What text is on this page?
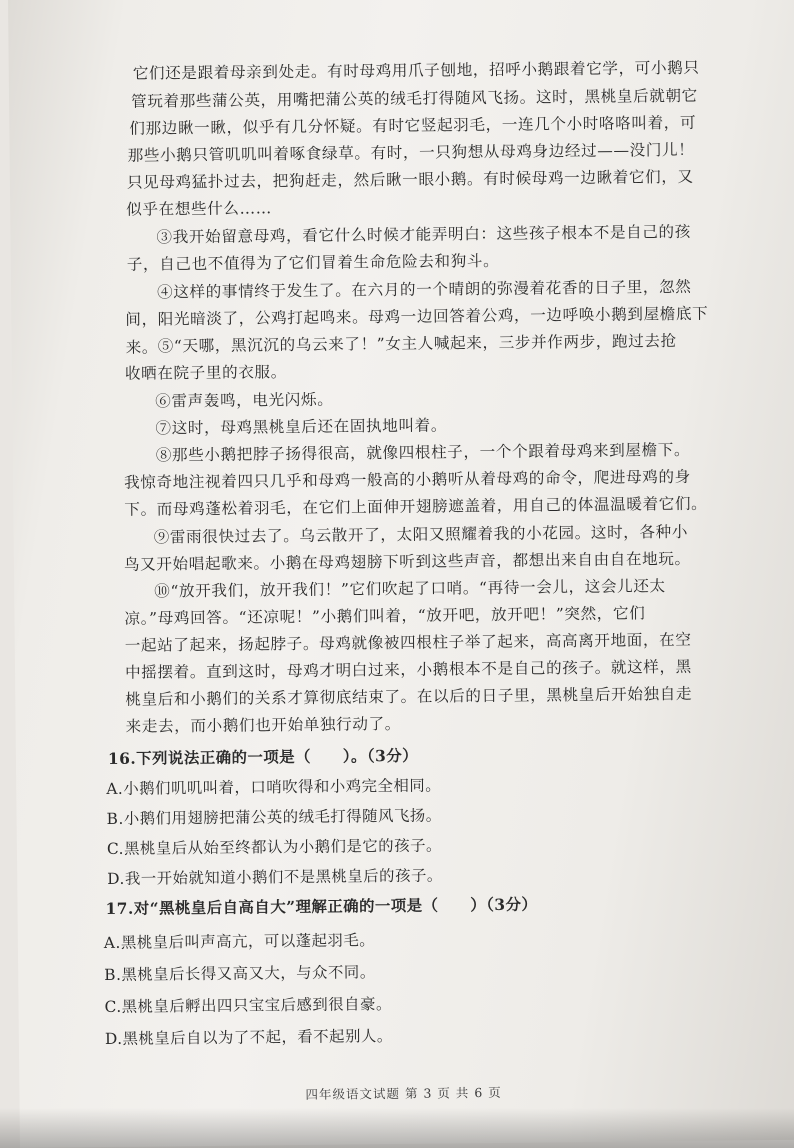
它们还是跟着母亲到处走。有时母鸡用爪子刨地，招呼小鹅跟着它学，可小鹅只

管玩着那些蒲公英，用嘴把蒲公英的绒毛打得随风飞扬。这时，黑桃皇后就朝它

们那边瞅一瞅，似乎有几分怀疑。有时它竖起羽毛，一连几个小时咯咯叫着，可

那些小鹅只管叽叽叫着啄食绿草。有时，一只狗想从母鸡身边经过——没门儿！

只见母鸡猛扑过去，把狗赶走，然后瞅一眼小鹅。有时候母鸡一边瞅着它们，又

似乎在想些什么……

③我开始留意母鸡，看它什么时候才能弄明白：这些孩子根本不是自己的孩

子，自己也不值得为了它们冒着生命危险去和狗斗。

④这样的事情终于发生了。在六月的一个晴朗的弥漫着花香的日子里，忽然

间，阳光暗淡了，公鸡打起鸣来。母鸡一边回答着公鸡，一边呼唤小鹅到屋檐底下来。 ⑤“天哪，黑沉沉的乌云来了！”女主人喊起来，三步并作两步，跑过去抢

收晒在院子里的衣服。

⑥雷声轰鸣，电光闪烁。

⑦这时，母鸡黑桃皇后还在固执地叫着。

⑧那些小鹅把脖子扬得很高，就像四根柱子，一个个跟着母鸡来到屋檐下。

我惊奇地注视着四只几乎和母鸡一般高的小鹅听从着母鸡的命令，爬进母鸡的身

下。而母鸡蓬松着羽毛，在它们上面伸开翅膀遮盖着，用自己的体温温暖着它们。

⑨雷雨很快过去了。乌云散开了，太阳又照耀着我的小花园。这时，各种小

鸟又开始唱起歌来。小鹅在母鸡翅膀下听到这些声音，都想出来自由自在地玩。

⑩“放开我们，放开我们！”它们吹起了口哨。“再待一会儿，这会儿还太

凉。”母鸡回答。“还凉呢！”小鹅们叫着，“放开吧，放开吧！”突然，它们

一起站了起来，扬起脖子。母鸡就像被四根柱子举了起来，高高离开地面，在空

中摇摆着。直到这时，母鸡才明白过来，小鹅根本不是自己的孩子。就这样，黑

桃皇后和小鹅们的关系才算彻底结束了。在以后的日子里，黑桃皇后开始独自走

来走去，而小鹅们也开始单独行动了。

16.下列说法正确的一项是（　　）。（3分）
A.小鹅们叽叽叫着，口哨吹得和小鸡完全相同。
B.小鹅们用翅膀把蒲公英的绒毛打得随风飞扬。
C.黑桃皇后从始至终都认为小鹅们是它的孩子。
D.我一开始就知道小鹅们不是黑桃皇后的孩子。
17.对“黑桃皇后自高自大”理解正确的一项是（　　）（3分）
A.黑桃皇后叫声高亢，可以蓬起羽毛。
B.黑桃皇后长得又高又大，与众不同。
C.黑桃皇后孵出四只宝宝后感到很自豪。
D.黑桃皇后自以为了不起，看不起别人。
四年级语文试题 第 3 页 共 6 页
